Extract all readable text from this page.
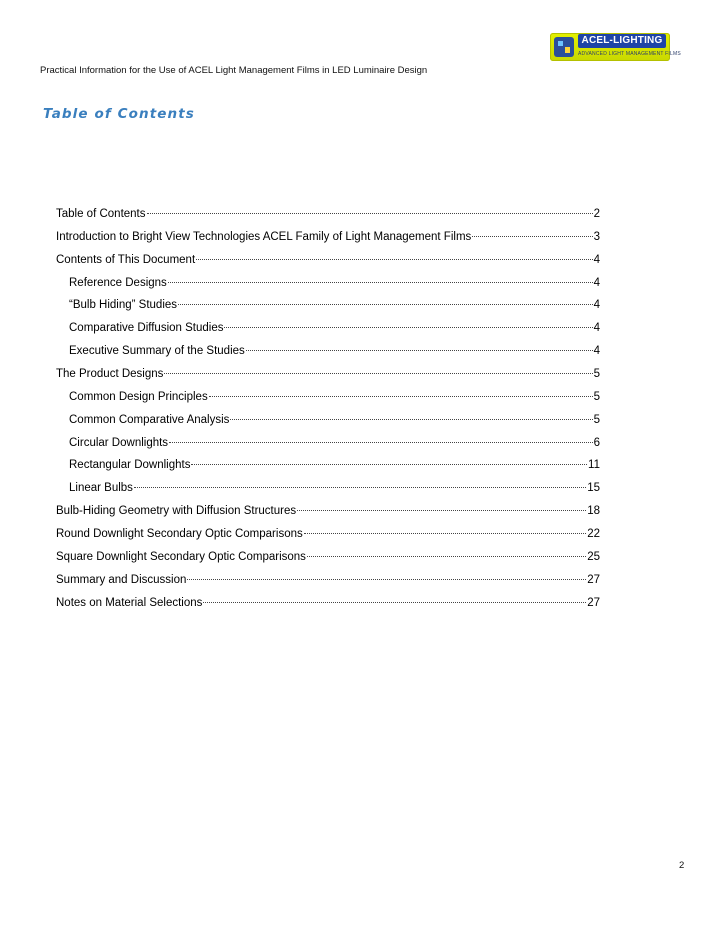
Practical Information for the Use of ACEL Light Management Films in LED Luminaire Design
ACEL-LIGHTING
ADVANCED LIGHT MANAGEMENT FILMS
Table of Contents
Table of Contents	2
Introduction to Bright View Technologies ACEL Family of Light Management Films	3
Contents of This Document	4
Reference Designs	4
“Bulb Hiding” Studies	4
Comparative Diffusion Studies	4
Executive Summary of the Studies	4
The Product Designs	5
Common Design Principles	5
Common Comparative Analysis	5
Circular Downlights	6
Rectangular Downlights	11
Linear Bulbs	15
Bulb-Hiding Geometry with Diffusion Structures	18
Round Downlight Secondary Optic Comparisons	22
Square Downlight Secondary Optic Comparisons	25
Summary and Discussion	27
Notes on Material Selections	27
2
